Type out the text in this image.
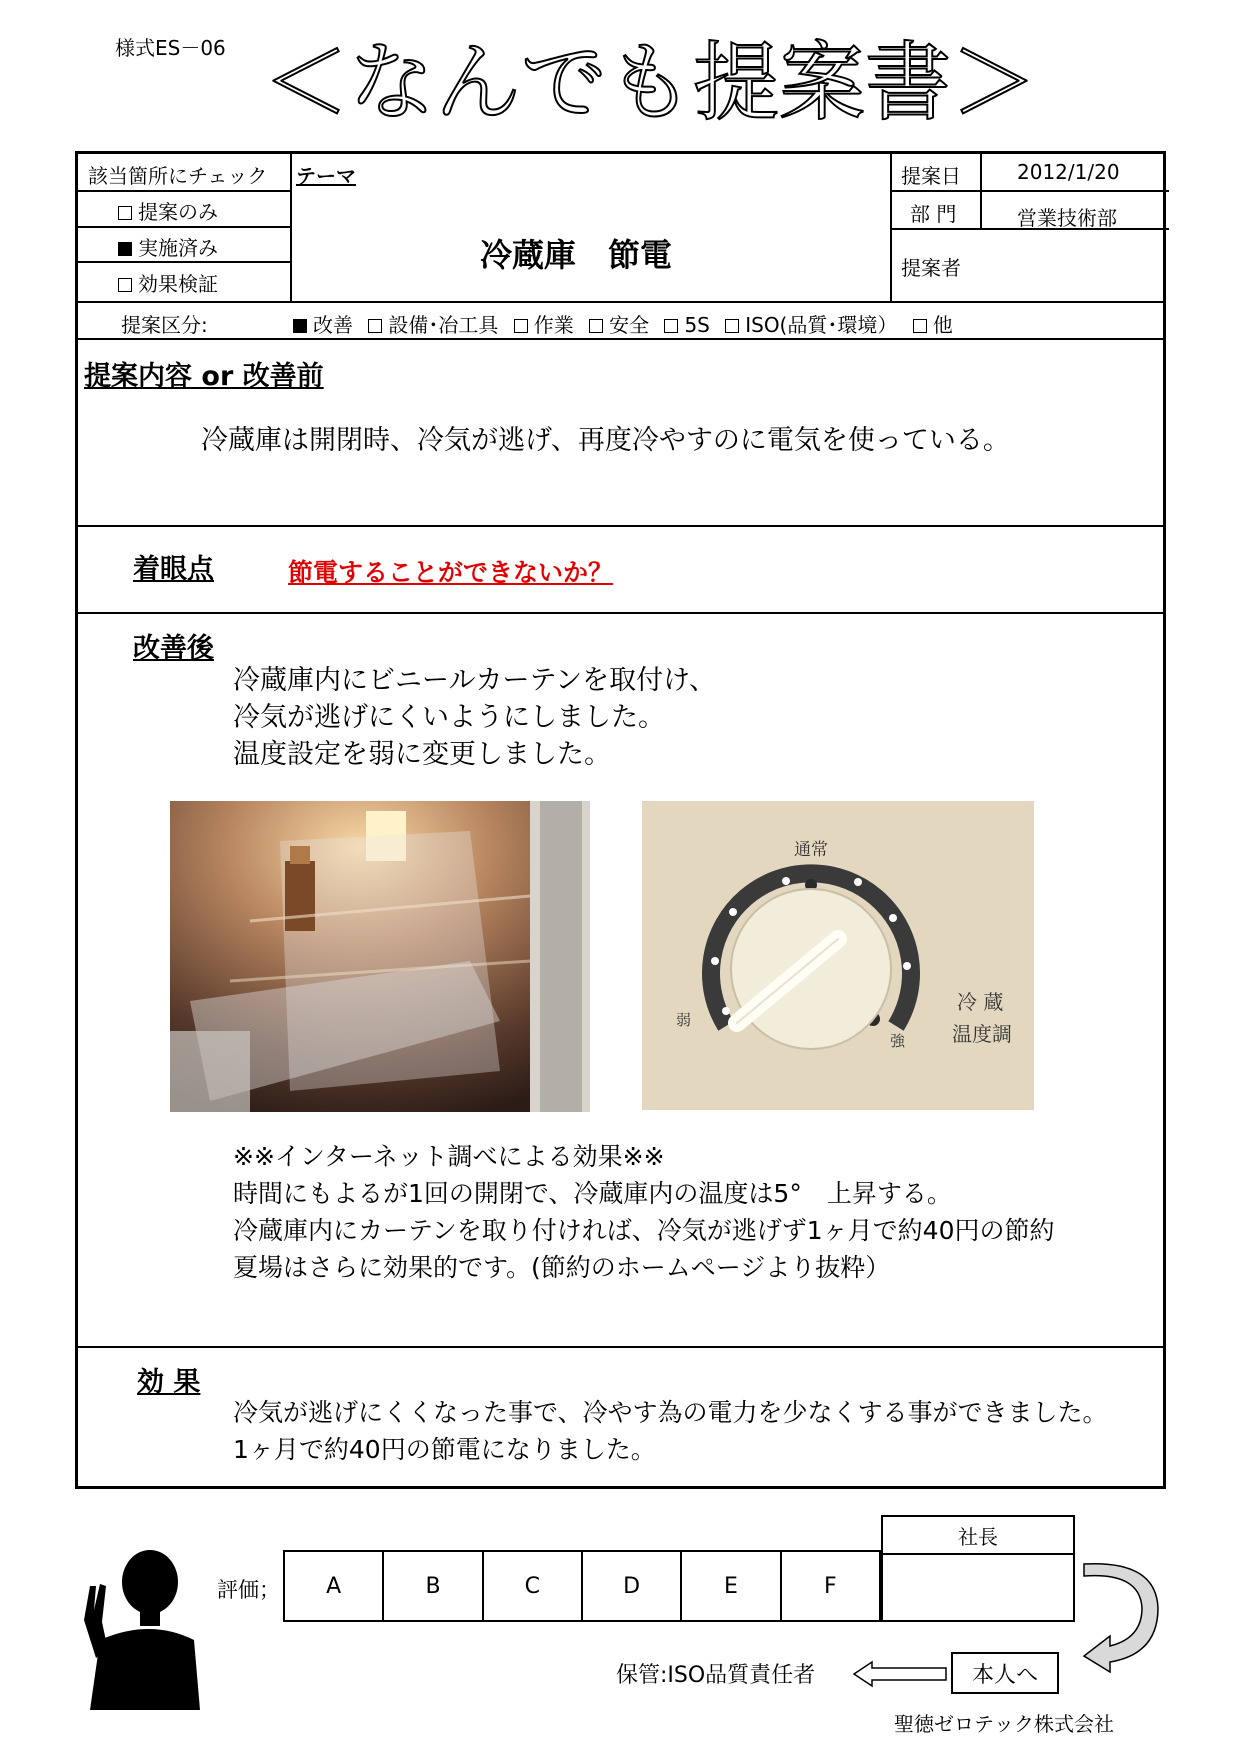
様式ES－06 ＜なんでも提案書＞
該当箇所にチェック
提案のみ
実施済み
効果検証
テーマ
冷蔵庫　節電
提案日	2012/1/20
部 門	営業技術部
提案者
提案区分:	改善 設備･冶工具 作業 安全 5S ISO(品質･環境） 他
提案内容 or 改善前
冷蔵庫は開閉時、冷気が逃げ、再度冷やすのに電気を使っている。
着眼点	節電することができないか？
改善後
冷蔵庫内にビニールカーテンを取付け、
冷気が逃げにくいようにしました。
温度設定を弱に変更しました。
通常
弱
強
冷 蔵
温度調
※※インターネット調べによる効果※※
時間にもよるが1回の開閉で、冷蔵庫内の温度は5°　上昇する。
冷蔵庫内にカーテンを取り付ければ、冷気が逃げず1ヶ月で約40円の節約
夏場はさらに効果的です。(節約のホームページより抜粋）
効 果
冷気が逃げにくくなった事で、冷やす為の電力を少なくする事ができました。
1ヶ月で約40円の節電になりました。
評価；	A	B	C	D	E	F
社長
保管:ISO品質責任者	本人へ
聖徳ゼロテック株式会社
